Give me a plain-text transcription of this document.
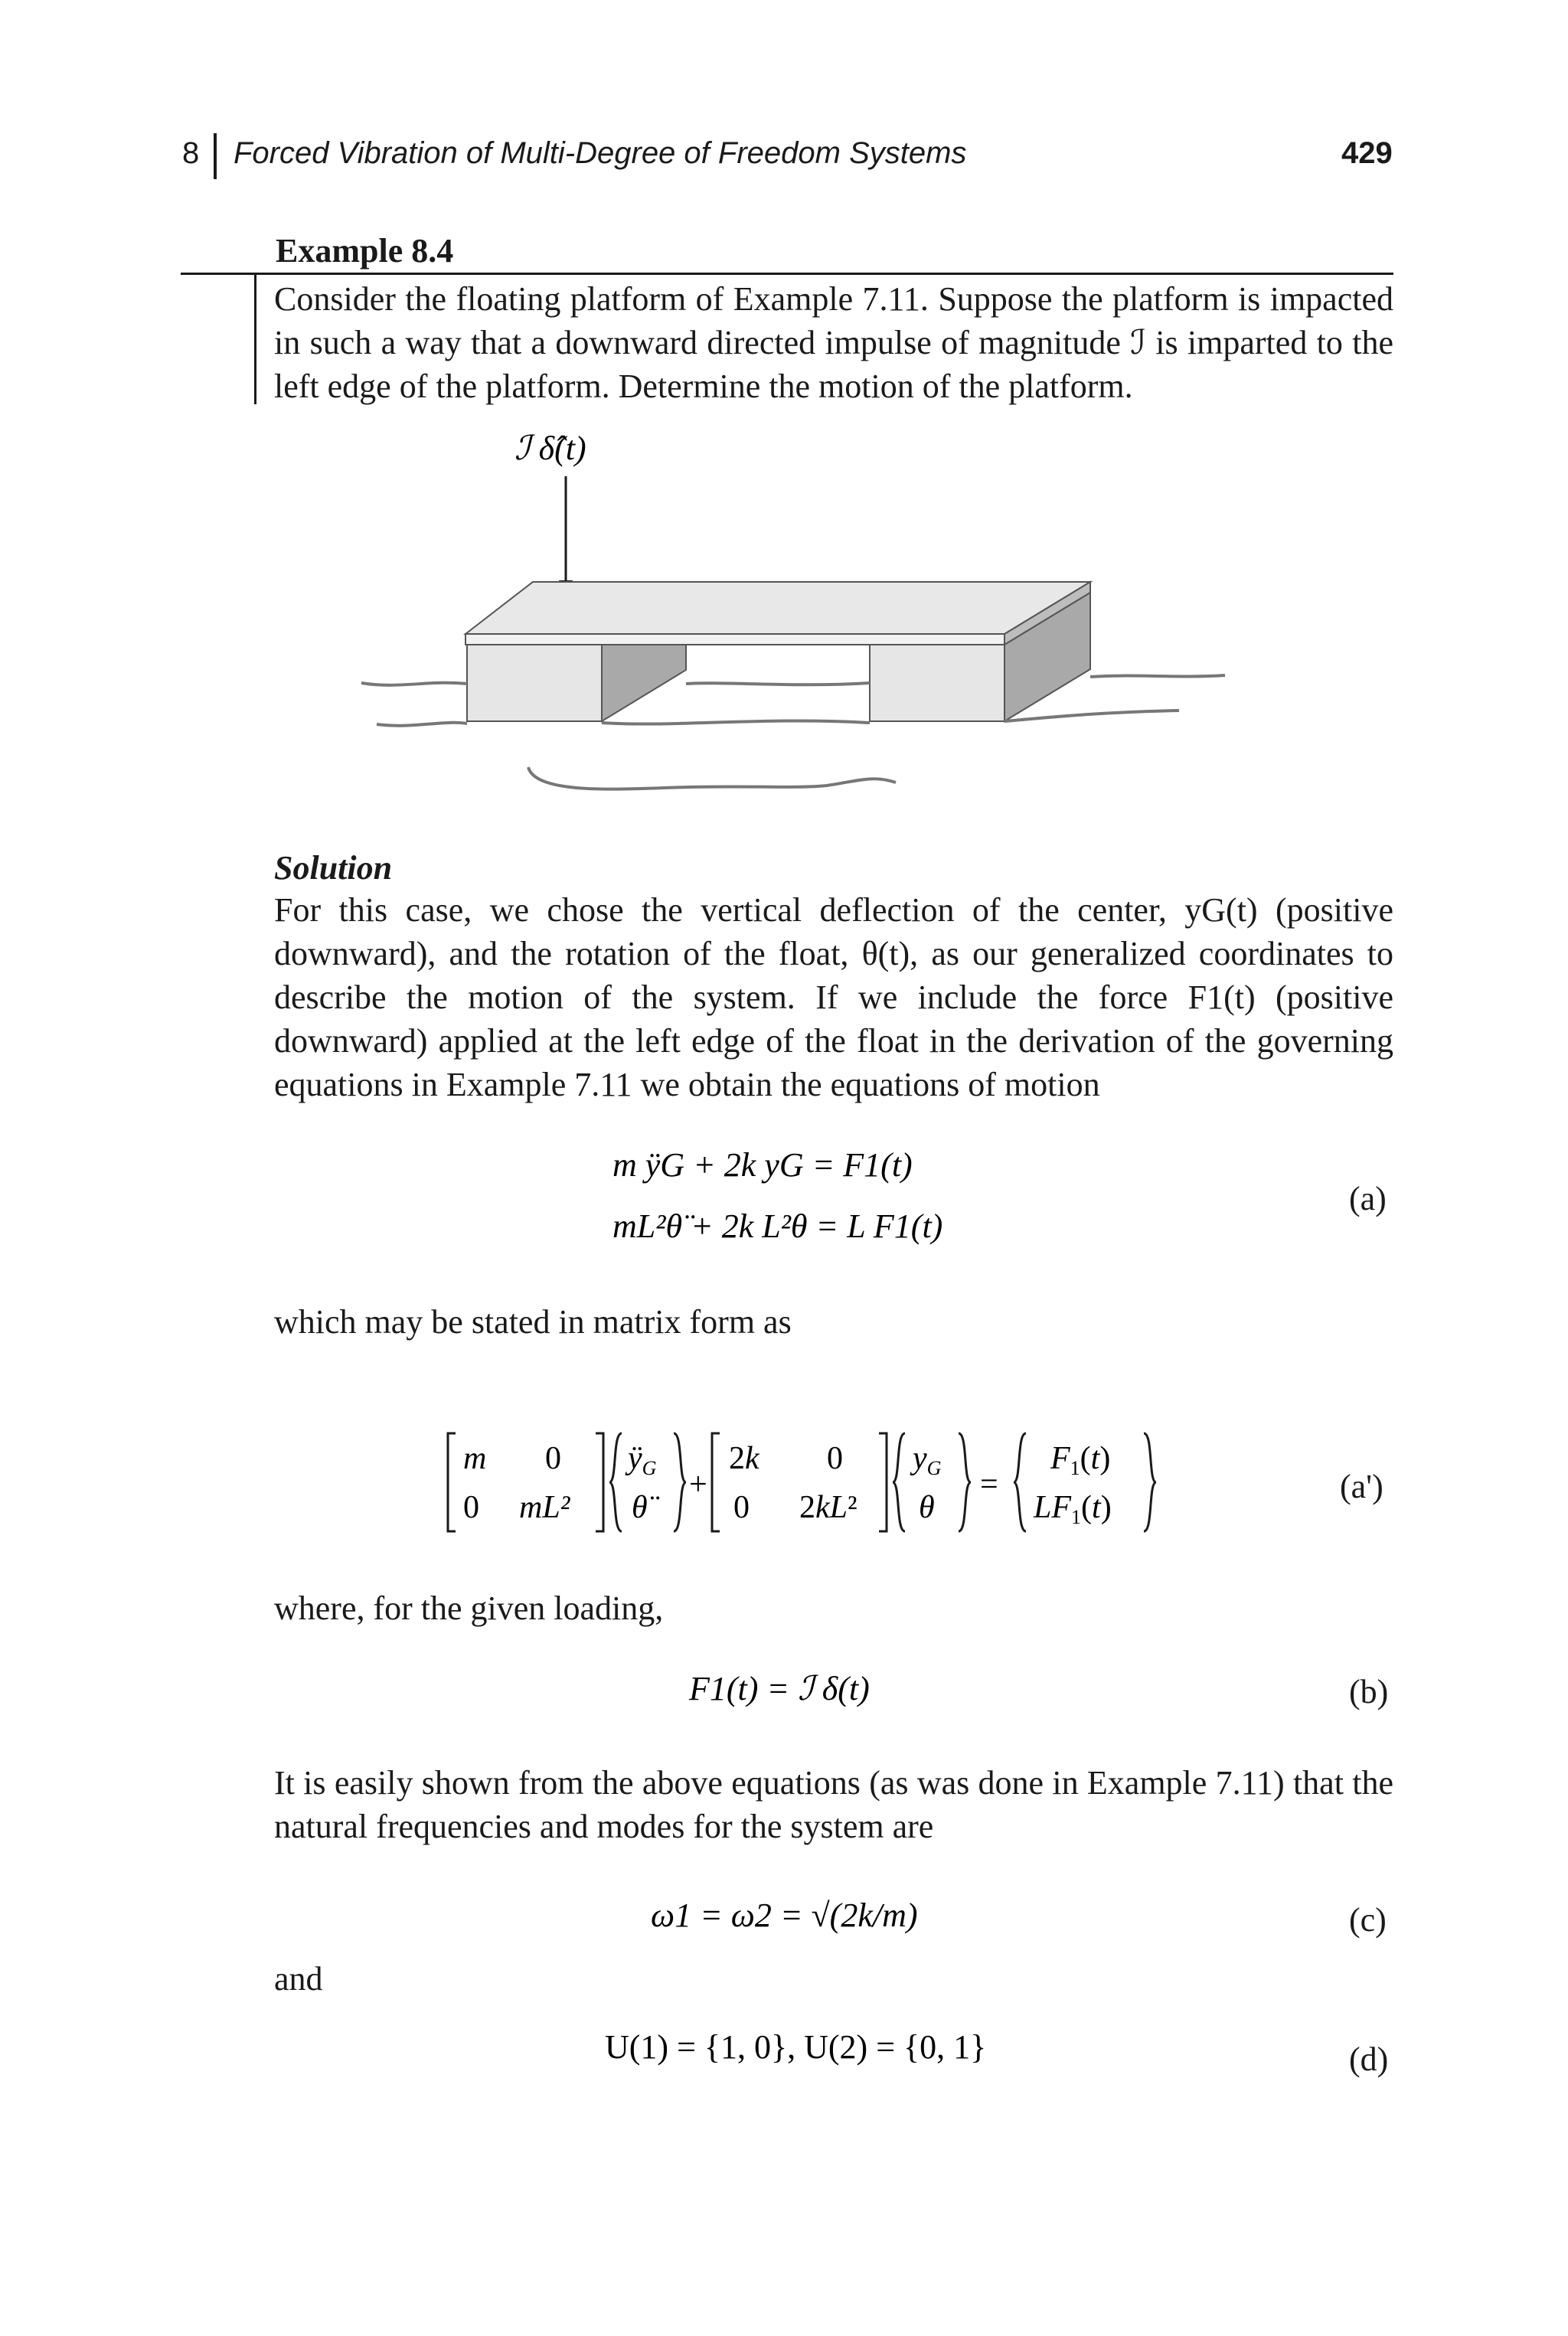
8 Forced Vibration of Multi-Degree of Freedom Systems	429
Example 8.4
Consider the floating platform of Example 7.11. Suppose the platform is impacted in such a way that a downward directed impulse of magnitude ℐ is imparted to the left edge of the platform. Determine the motion of the platform.
ℐ δ̂(t)
Solution
For this case, we chose the vertical deflection of the center, yG(t) (positive downward), and the rotation of the float, θ(t), as our generalized coordinates to describe the motion of the system. If we include the force F1(t) (positive downward) applied at the left edge of the float in the derivation of the governing equations in Example 7.11 we obtain the equations of motion
m ÿG + 2k yG = F1(t)
mL²θ̈ + 2k L²θ = L F1(t)
(a)
which may be stated in matrix form as
m 0
0 mL²
ÿG
θ̈
+
2k 0
0 2kL²
yG
θ
=
F1(t)
LF1(t)
(a')
where, for the given loading,
F1(t) = ℐ δ(t)	(b)
It is easily shown from the above equations (as was done in Example 7.11) that the natural frequencies and modes for the system are
ω1 = ω2 = √(2k/m)	(c)
and
U(1) = {1, 0}, U(2) = {0, 1}	(d)
